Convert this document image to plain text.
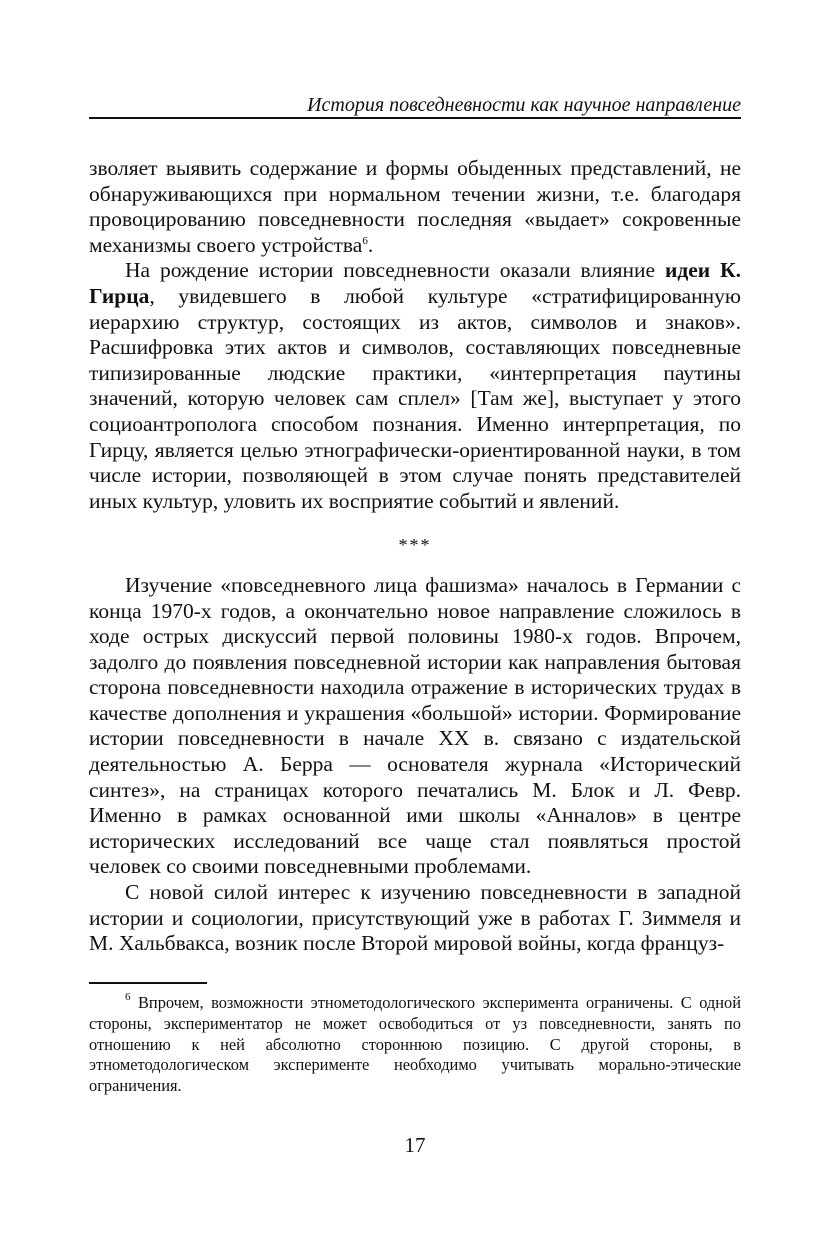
История повседневности как научное направление

зволяет выявить содержание и формы обыденных представлений, не обнаруживающихся при нормальном течении жизни, т.е. благодаря провоцированию повседневности последняя «выдает» сокровенные механизмы своего устройства$^6$.

На рождение истории повседневности оказали влияние идеи К. Гирца, увидевшего в любой культуре «стратифицированную иерархию структур, состоящих из актов, символов и знаков». Расшифровка этих актов и символов, составляющих повседневные типизированные людские практики, «интерпретация паутины значений, которую человек сам сплел» [Там же], выступает у этого социоантрополога способом познания. Именно интерпретация, по Гирцу, является целью этнографически-ориентированной науки, в том числе истории, позволяющей в этом случае понять представителей иных культур, уловить их восприятие событий и явлений.

***

Изучение «повседневного лица фашизма» началось в Германии с конца 1970-х годов, а окончательно новое направление сложилось в ходе острых дискуссий первой половины 1980-х годов. Впрочем, задолго до появления повседневной истории как направления бытовая сторона повседневности находила отражение в исторических трудах в качестве дополнения и украшения «большой» истории. Формирование истории повседневности в начале XX в. связано с издательской деятельностью А. Берра — основателя журнала «Исторический синтез», на страницах которого печатались М. Блок и Л. Февр. Именно в рамках основанной ими школы «Анналов» в центре исторических исследований все чаще стал появляться простой человек со своими повседневными проблемами.

С новой силой интерес к изучению повседневности в западной истории и социологии, присутствующий уже в работах Г. Зиммеля и М. Хальбвакса, возник после Второй мировой войны, когда француз-

$^6$ Впрочем, возможности этнометодологического эксперимента ограничены. С одной стороны, экспериментатор не может освободиться от уз повседневности, занять по отношению к ней абсолютно стороннюю позицию. С другой стороны, в этнометодологическом эксперименте необходимо учитывать морально-этические ограничения.

17
